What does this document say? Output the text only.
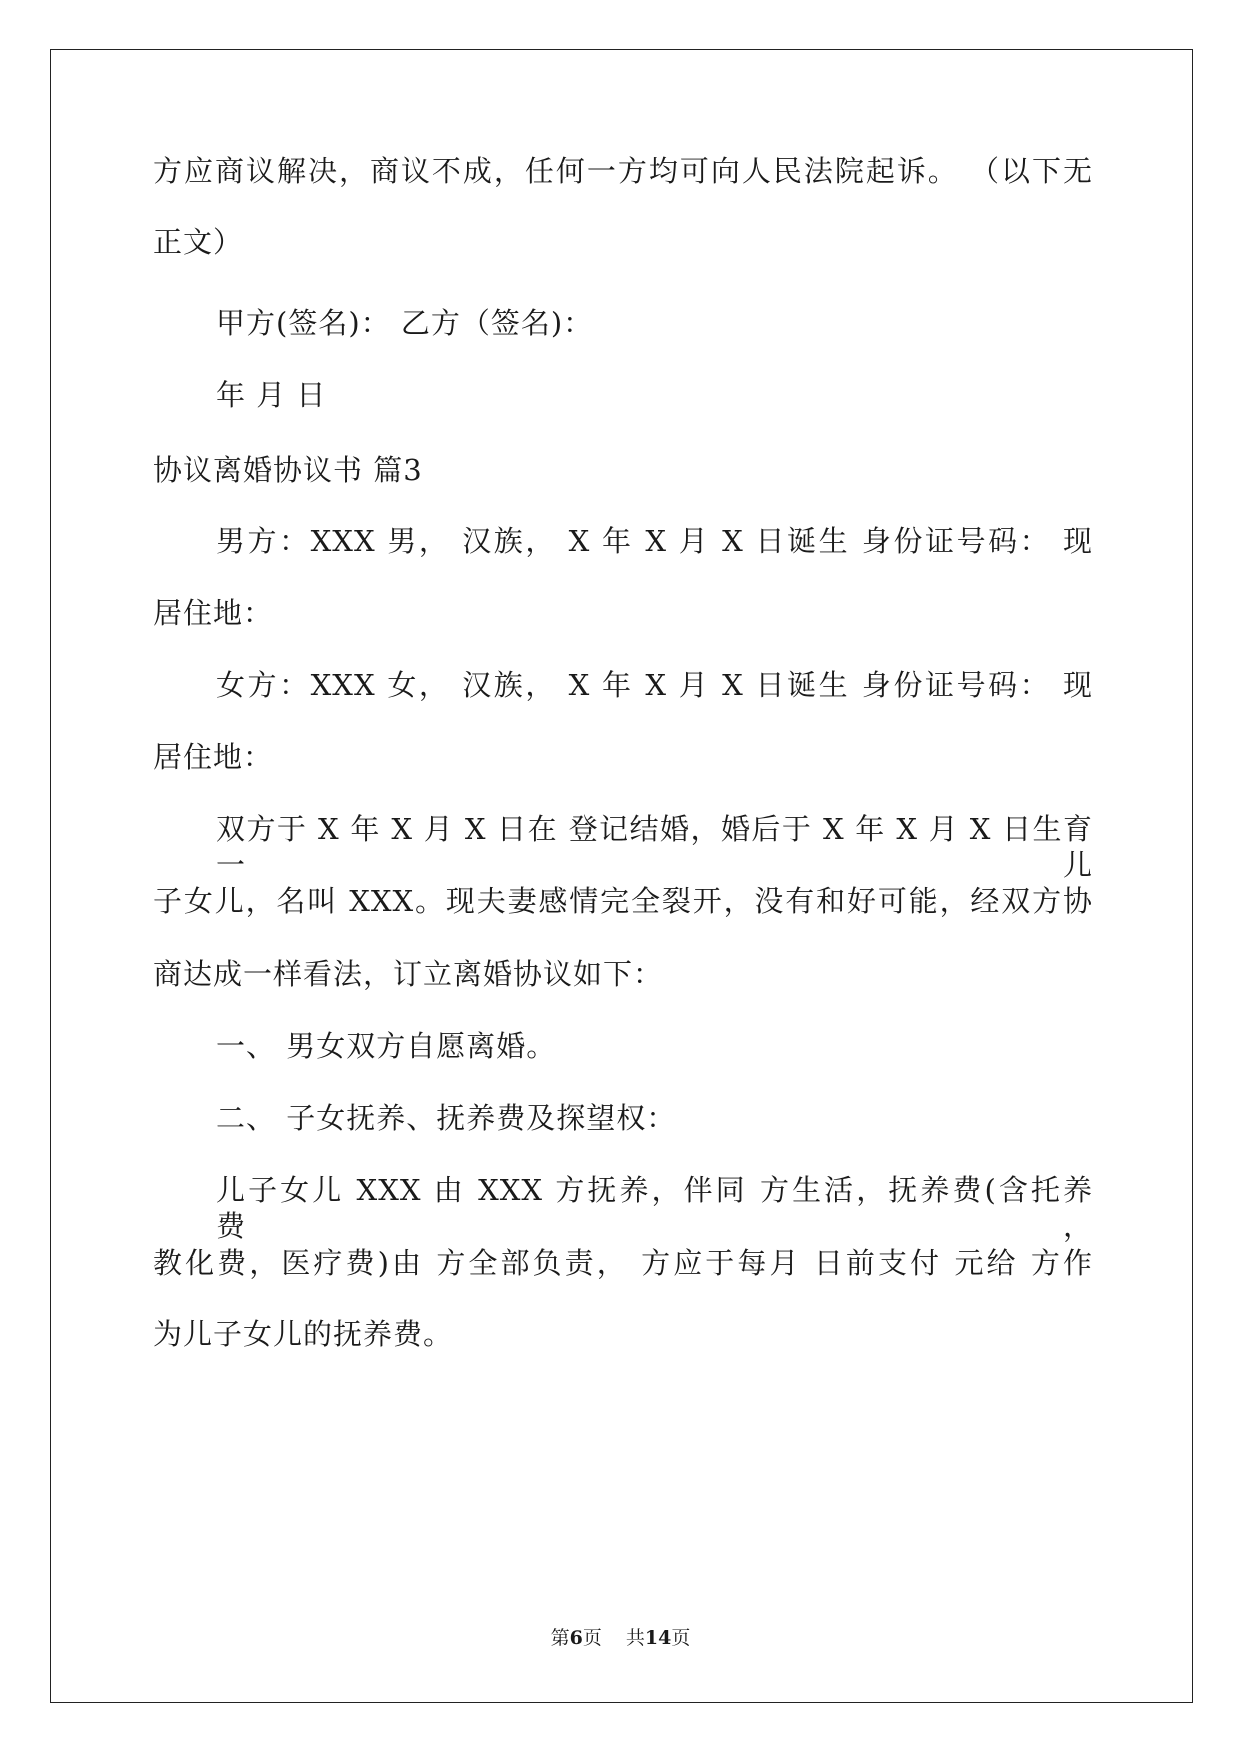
方应商议解决，商议不成，任何一方均可向人民法院起诉。 （以下无
正文）
甲方(签名)： 乙方（签名)：
年 月 日
协议离婚协议书 篇3
男方：XXX 男， 汉族， X 年 X 月 X 日诞生 身份证号码： 现
居住地：
女方：XXX 女， 汉族， X 年 X 月 X 日诞生 身份证号码： 现
居住地：
双方于 X 年 X 月 X 日在 登记结婚，婚后于 X 年 X 月 X 日生育一儿
子女儿，名叫 XXX。现夫妻感情完全裂开，没有和好可能，经双方协
商达成一样看法，订立离婚协议如下：
一、 男女双方自愿离婚。
二、 子女抚养、抚养费及探望权：
儿子女儿 XXX 由 XXX 方抚养，伴同 方生活，抚养费(含托养费，
教化费，医疗费)由 方全部负责， 方应于每月 日前支付 元给 方作
为儿子女儿的抚养费。
第6页 共14页
